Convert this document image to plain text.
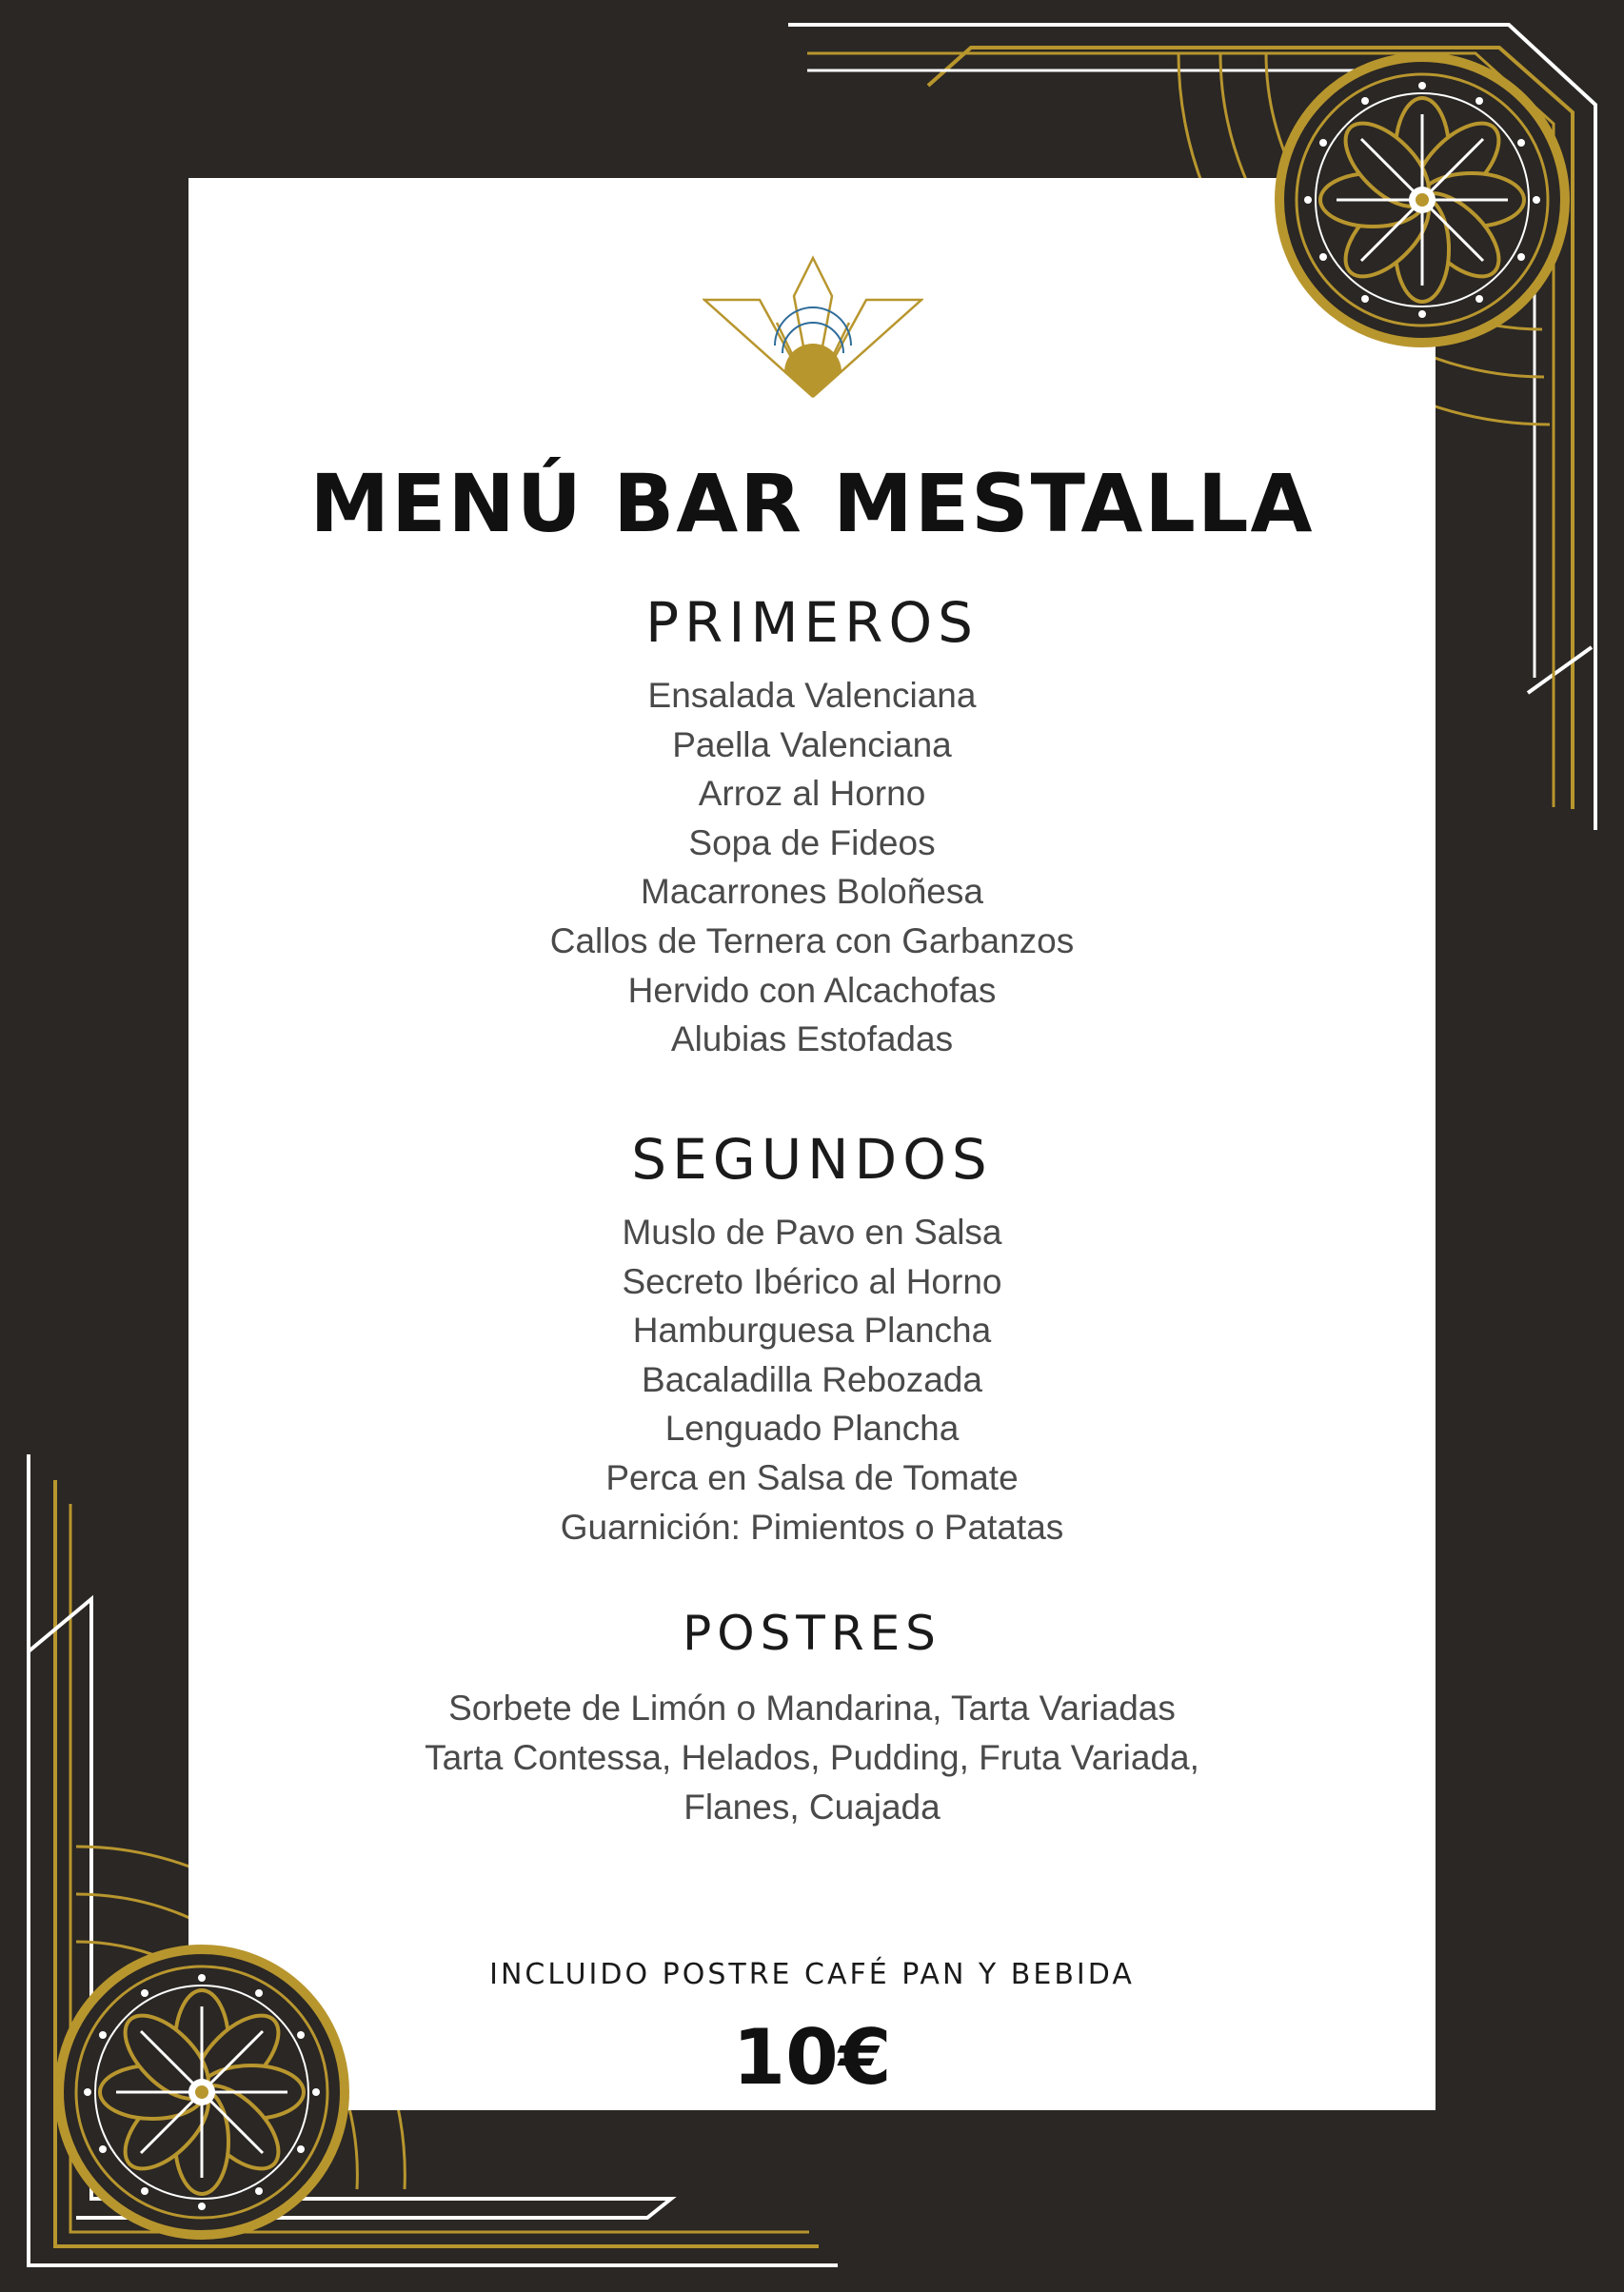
MENÚ BAR MESTALLA
PRIMEROS
Ensalada Valenciana
Paella Valenciana
Arroz al Horno
Sopa de Fideos
Macarrones Boloñesa
Callos de Ternera con Garbanzos
Hervido con Alcachofas
Alubias Estofadas
SEGUNDOS
Muslo de Pavo en Salsa
Secreto Ibérico al Horno
Hamburguesa Plancha
Bacaladilla Rebozada
Lenguado Plancha
Perca en Salsa de Tomate
Guarnición: Pimientos o Patatas
POSTRES

Sorbete de Limón o Mandarina, Tarta Variadas

Tarta Contessa, Helados, Pudding, Fruta Variada,

Flanes, Cuajada

INCLUIDO POSTRE CAFÉ PAN Y BEBIDA

10€
